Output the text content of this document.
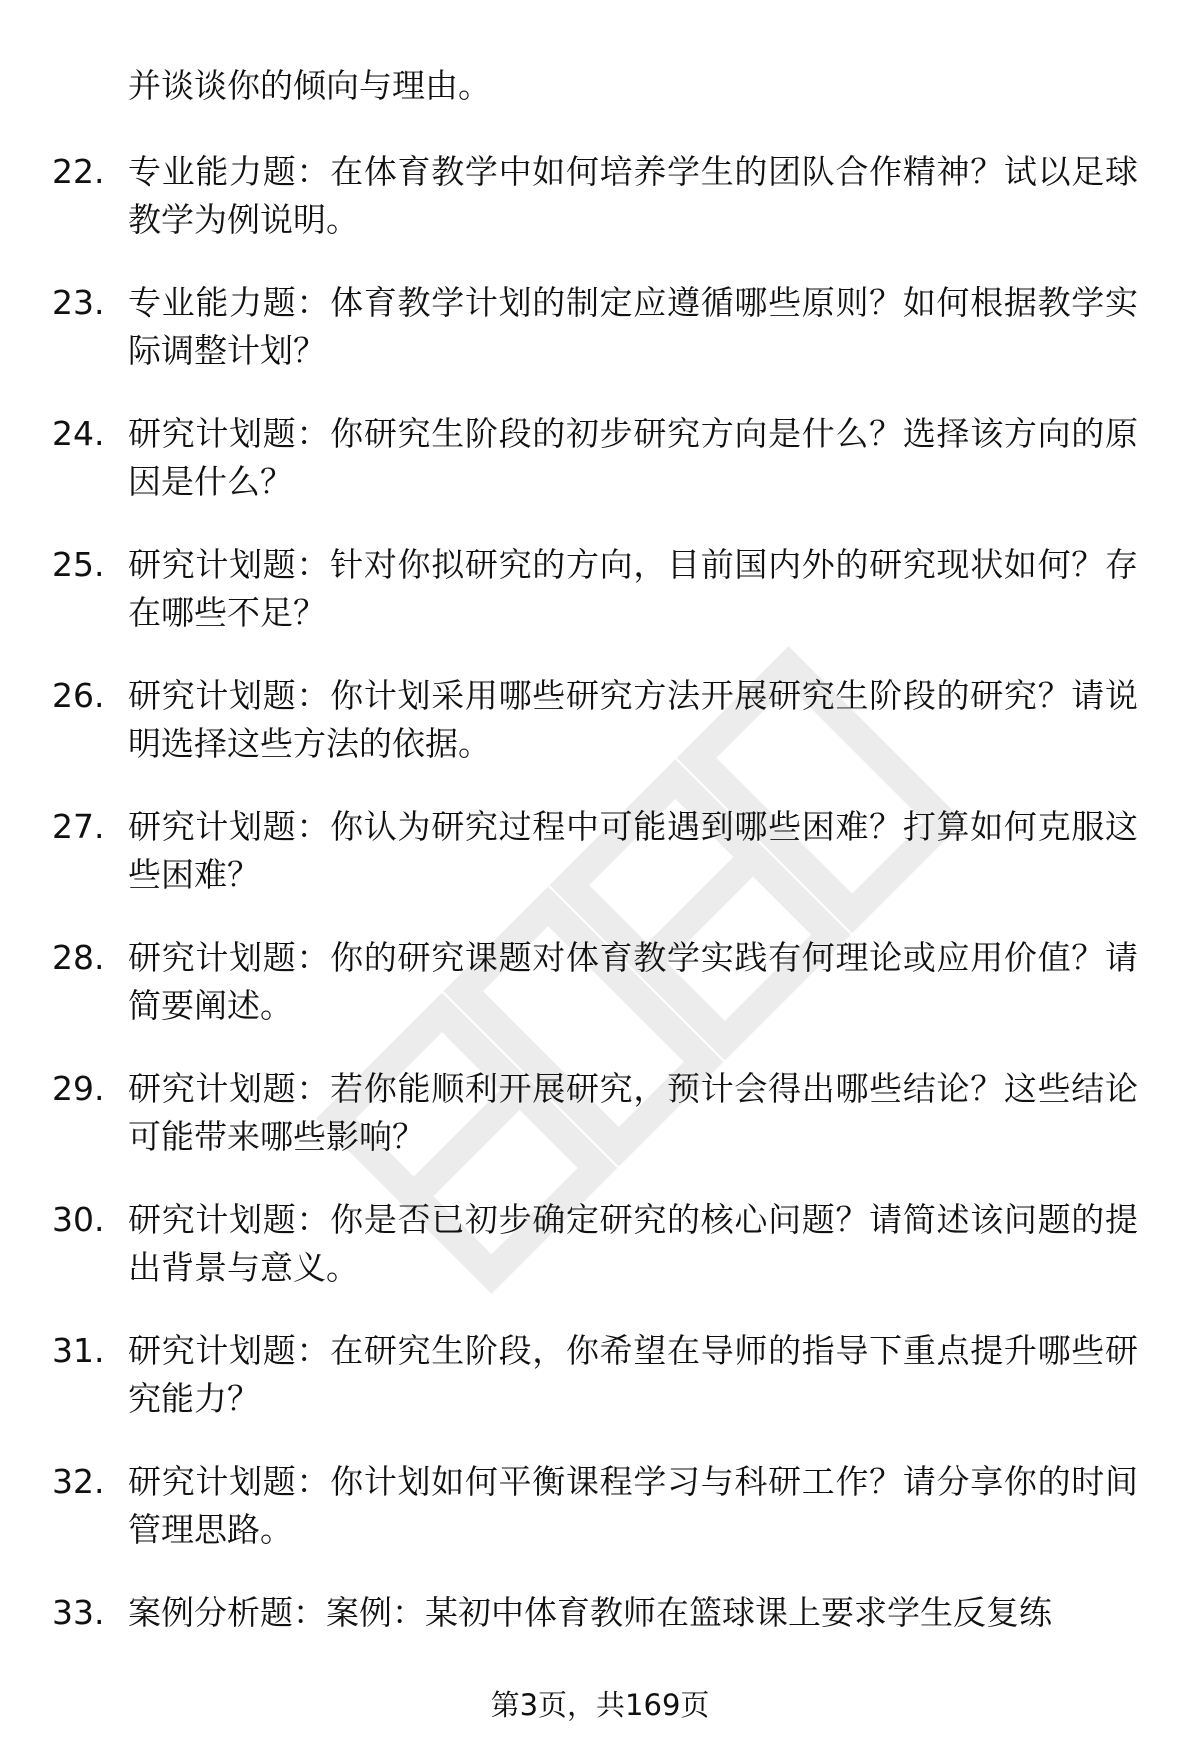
并谈谈你的倾向与理由。
22. 专业能力题：在体育教学中如何培养学生的团队合作精神？试以足球教学为例说明。
23. 专业能力题：体育教学计划的制定应遵循哪些原则？如何根据教学实际调整计划？
24. 研究计划题：你研究生阶段的初步研究方向是什么？选择该方向的原因是什么？
25. 研究计划题：针对你拟研究的方向，目前国内外的研究现状如何？存在哪些不足？
26. 研究计划题：你计划采用哪些研究方法开展研究生阶段的研究？请说明选择这些方法的依据。
27. 研究计划题：你认为研究过程中可能遇到哪些困难？打算如何克服这些困难？
28. 研究计划题：你的研究课题对体育教学实践有何理论或应用价值？请简要阐述。
29. 研究计划题：若你能顺利开展研究，预计会得出哪些结论？这些结论可能带来哪些影响？
30. 研究计划题：你是否已初步确定研究的核心问题？请简述该问题的提出背景与意义。
31. 研究计划题：在研究生阶段，你希望在导师的指导下重点提升哪些研究能力？
32. 研究计划题：你计划如何平衡课程学习与科研工作？请分享你的时间管理思路。
33. 案例分析题：案例：某初中体育教师在篮球课上要求学生反复练
第3页，共169页
